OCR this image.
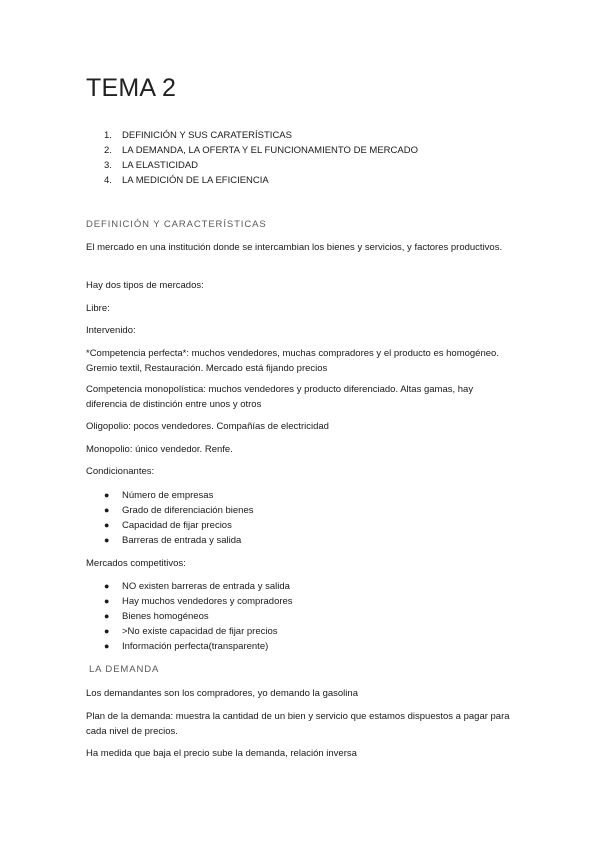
TEMA 2
1. DEFINICIÓN Y SUS CARATERÍSTICAS
2. LA DEMANDA, LA OFERTA Y EL FUNCIONAMIENTO DE MERCADO
3. LA ELASTICIDAD
4. LA MEDICIÓN DE LA EFICIENCIA
DEFINICIÓN Y CARACTERÍSTICAS
El mercado en una institución donde se intercambian los bienes y servicios, y factores productivos.
Hay dos tipos de mercados:
Libre:
Intervenido:
*Competencia perfecta*: muchos vendedores, muchas compradores y el producto es homogéneo. Gremio textil, Restauración. Mercado está fijando precios
Competencia monopolística: muchos vendedores y producto diferenciado. Altas gamas, hay diferencia de distinción entre unos y otros
Oligopolio: pocos vendedores. Compañías de electricidad
Monopolio: único vendedor. Renfe.
Condicionantes:
● Número de empresas
● Grado de diferenciación bienes
● Capacidad de fijar precios
● Barreras de entrada y salida
Mercados competitivos:
● NO existen barreras de entrada y salida
● Hay muchos vendedores y compradores
● Bienes homogéneos
● >No existe capacidad de fijar precios
● Información perfecta(transparente)
LA DEMANDA
Los demandantes son los compradores, yo demando la gasolina
Plan de la demanda: muestra la cantidad de un bien y servicio que estamos dispuestos a pagar para cada nivel de precios.
Ha medida que baja el precio sube la demanda, relación inversa
